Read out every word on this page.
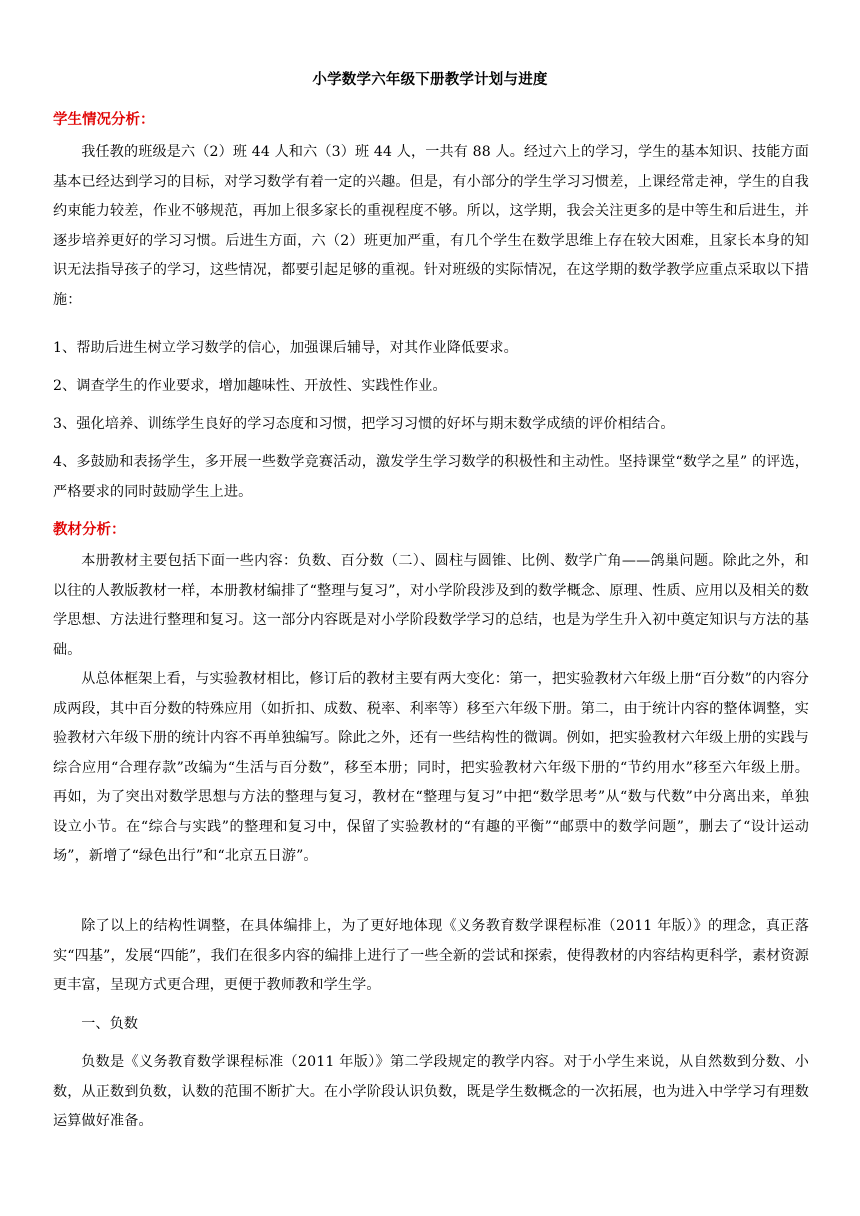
小学数学六年级下册教学计划与进度
学生情况分析：

我任教的班级是六（2）班 44 人和六（3）班 44 人，一共有 88 人。经过六上的学习，学生的基本知识、技能方面基本已经达到学习的目标，对学习数学有着一定的兴趣。但是，有小部分的学生学习习惯差，上课经常走神，学生的自我约束能力较差，作业不够规范，再加上很多家长的重视程度不够。所以，这学期，我会关注更多的是中等生和后进生，并逐步培养更好的学习习惯。后进生方面，六（2）班更加严重，有几个学生在数学思维上存在较大困难，且家长本身的知识无法指导孩子的学习，这些情况，都要引起足够的重视。针对班级的实际情况，在这学期的数学教学应重点采取以下措施：

1、帮助后进生树立学习数学的信心，加强课后辅导，对其作业降低要求。

2、调查学生的作业要求，增加趣味性、开放性、实践性作业。

3、强化培养、训练学生良好的学习态度和习惯，把学习习惯的好坏与期末数学成绩的评价相结合。

4、多鼓励和表扬学生，多开展一些数学竞赛活动，激发学生学习数学的积极性和主动性。坚持课堂“数学之星” 的评选，严格要求的同时鼓励学生上进。

教材分析：

本册教材主要包括下面一些内容：负数、百分数（二）、圆柱与圆锥、比例、数学广角——鸽巢问题。除此之外，和以往的人教版教材一样，本册教材编排了“整理与复习”，对小学阶段涉及到的数学概念、原理、性质、应用以及相关的数学思想、方法进行整理和复习。这一部分内容既是对小学阶段数学学习的总结，也是为学生升入初中奠定知识与方法的基础。

从总体框架上看，与实验教材相比，修订后的教材主要有两大变化：第一，把实验教材六年级上册“百分数”的内容分成两段，其中百分数的特殊应用（如折扣、成数、税率、利率等）移至六年级下册。第二，由于统计内容的整体调整，实验教材六年级下册的统计内容不再单独编写。除此之外，还有一些结构性的微调。例如，把实验教材六年级上册的实践与综合应用“合理存款”改编为“生活与百分数”，移至本册；同时，把实验教材六年级下册的“节约用水”移至六年级上册。再如，为了突出对数学思想与方法的整理与复习，教材在“整理与复习”中把“数学思考”从“数与代数”中分离出来，单独设立小节。在“综合与实践”的整理和复习中，保留了实验教材的“有趣的平衡”“邮票中的数学问题”，删去了“设计运动场”，新增了“绿色出行”和“北京五日游”。

除了以上的结构性调整，在具体编排上，为了更好地体现《义务教育数学课程标准（2011 年版）》的理念，真正落实“四基”，发展“四能”，我们在很多内容的编排上进行了一些全新的尝试和探索，使得教材的内容结构更科学，素材资源更丰富，呈现方式更合理，更便于教师教和学生学。

一、负数

负数是《义务教育数学课程标准（2011 年版）》第二学段规定的教学内容。对于小学生来说，从自然数到分数、小数，从正数到负数，认数的范围不断扩大。在小学阶段认识负数，既是学生数概念的一次拓展，也为进入中学学习有理数运算做好准备。
